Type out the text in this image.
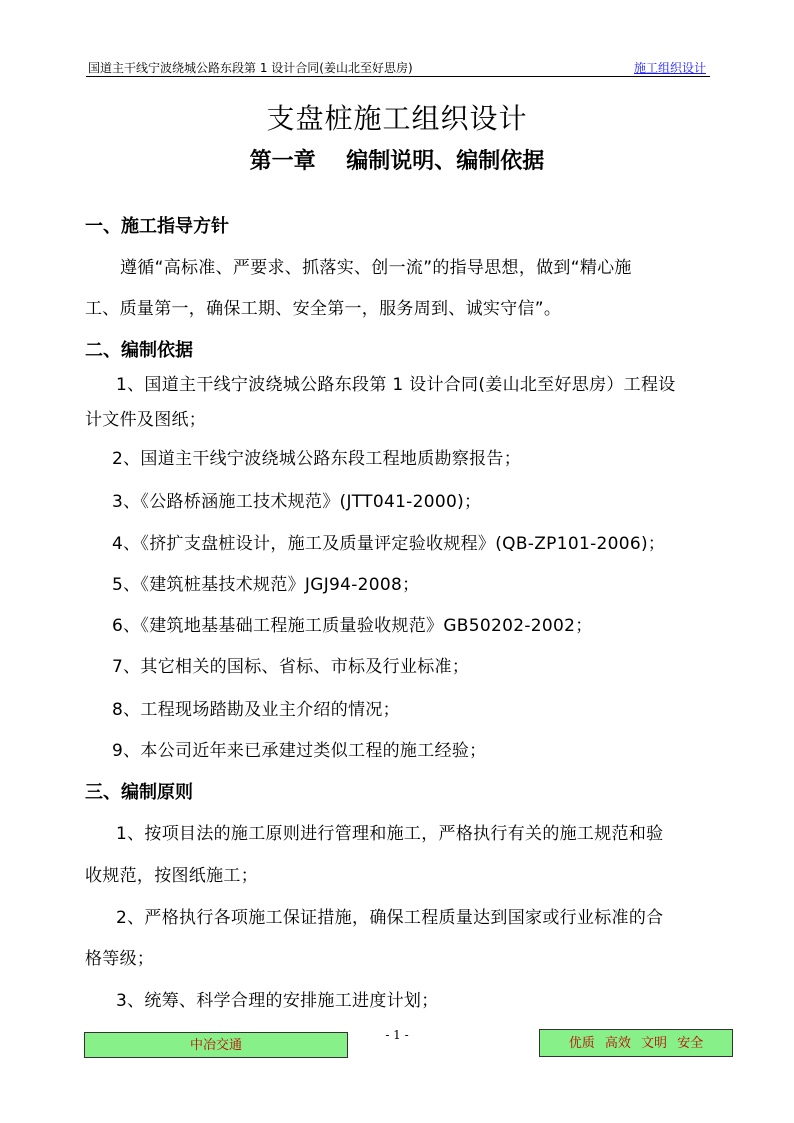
国道主干线宁波绕城公路东段第 1 设计合同(姜山北至好思房)	施工组织设计
支盘桩施工组织设计
第一章    编制说明、编制依据
一、施工指导方针
遵循“高标准、严要求、抓落实、创一流”的指导思想，做到“精心施
工、质量第一，确保工期、安全第一，服务周到、诚实守信”。
二、编制依据
1、国道主干线宁波绕城公路东段第 1 设计合同(姜山北至好思房）工程设
计文件及图纸；
2、国道主干线宁波绕城公路东段工程地质勘察报告；
3、《公路桥涵施工技术规范》(JTT041-2000)；
4、《挤扩支盘桩设计，施工及质量评定验收规程》(QB-ZP101-2006)；
5、《建筑桩基技术规范》JGJ94-2008；
6、《建筑地基基础工程施工质量验收规范》GB50202-2002；
7、其它相关的国标、省标、市标及行业标准；
8、工程现场踏勘及业主介绍的情况；
9、本公司近年来已承建过类似工程的施工经验；
三、编制原则
1、按项目法的施工原则进行管理和施工，严格执行有关的施工规范和验
收规范，按图纸施工；
2、严格执行各项施工保证措施，确保工程质量达到国家或行业标准的合
格等级；
3、统筹、科学合理的安排施工进度计划；
- 1 -
中冶交通	优质 高效 文明 安全
